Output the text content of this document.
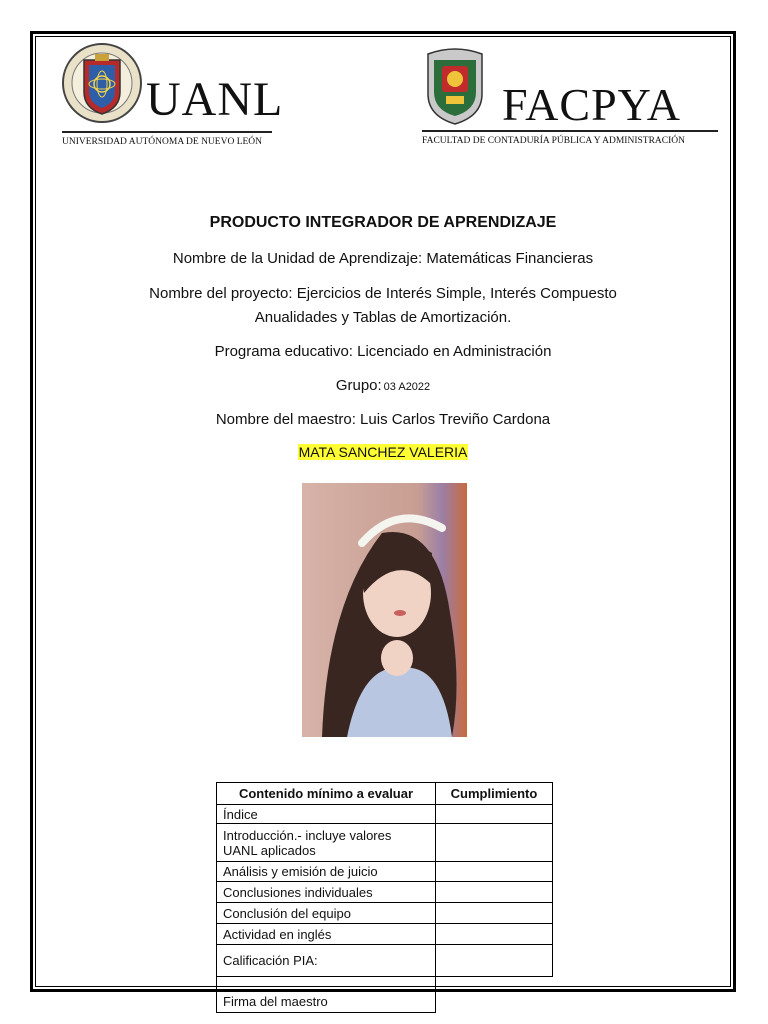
UANL
UNIVERSIDAD AUTÓNOMA DE NUEVO LEÓN
FACPYA
FACULTAD DE CONTADURÍA PÚBLICA Y ADMINISTRACIÓN
PRODUCTO INTEGRADOR DE APRENDIZAJE
Nombre de la Unidad de Aprendizaje: Matemáticas Financieras
Nombre del proyecto: Ejercicios de Interés Simple, Interés Compuesto
Anualidades y Tablas de Amortización.
Programa educativo: Licenciado en Administración
Grupo: 03 A2022
Nombre del maestro: Luis Carlos Treviño Cardona
MATA SANCHEZ VALERIA
Contenido mínimo a evaluar	Cumplimiento
Índice	
Introducción.- incluye valores UANL aplicados	
Análisis y emisión de juicio	
Conclusiones individuales	
Conclusión del equipo	
Actividad en inglés	
Calificación PIA:	
Firma del maestro	
